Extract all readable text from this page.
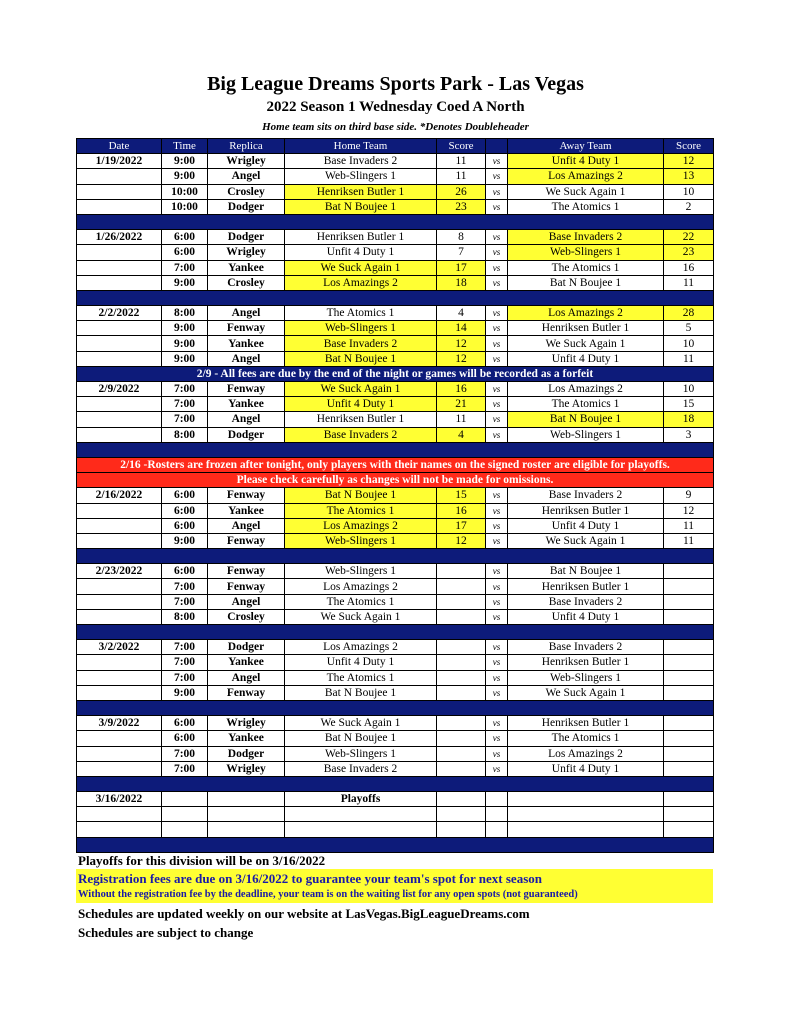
Big League Dreams Sports Park - Las Vegas
2022 Season 1 Wednesday Coed A North
Home team sits on third base side. *Denotes Doubleheader
Date	Time	Replica	Home Team	Score		Away Team	Score
1/19/2022	9:00	Wrigley	Base Invaders 2	11	vs	Unfit 4 Duty 1	12
	9:00	Angel	Web-Slingers 1	11	vs	Los Amazings 2	13
	10:00	Crosley	Henriksen Butler 1	26	vs	We Suck Again 1	10
	10:00	Dodger	Bat N Boujee 1	23	vs	The Atomics 1	2

1/26/2022	6:00	Dodger	Henriksen Butler 1	8	vs	Base Invaders 2	22
	6:00	Wrigley	Unfit 4 Duty 1	7	vs	Web-Slingers 1	23
	7:00	Yankee	We Suck Again 1	17	vs	The Atomics 1	16
	9:00	Crosley	Los Amazings 2	18	vs	Bat N Boujee 1	11

2/2/2022	8:00	Angel	The Atomics 1	4	vs	Los Amazings 2	28
	9:00	Fenway	Web-Slingers 1	14	vs	Henriksen Butler 1	5
	9:00	Yankee	Base Invaders 2	12	vs	We Suck Again 1	10
	9:00	Angel	Bat N Boujee 1	12	vs	Unfit 4 Duty 1	11
2/9 - All fees are due by the end of the night or games will be recorded as a forfeit							
2/9/2022	7:00	Fenway	We Suck Again 1	16	vs	Los Amazings 2	10
	7:00	Yankee	Unfit 4 Duty 1	21	vs	The Atomics 1	15
	7:00	Angel	Henriksen Butler 1	11	vs	Bat N Boujee 1	18
	8:00	Dodger	Base Invaders 2	4	vs	Web-Slingers 1	3

2/16 -Rosters are frozen after tonight, only players with their names on the signed roster are eligible for playoffs.							
Please check carefully as changes will not be made for omissions.							
2/16/2022	6:00	Fenway	Bat N Boujee 1	15	vs	Base Invaders 2	9
	6:00	Yankee	The Atomics 1	16	vs	Henriksen Butler 1	12
	6:00	Angel	Los Amazings 2	17	vs	Unfit 4 Duty 1	11
	9:00	Fenway	Web-Slingers 1	12	vs	We Suck Again 1	11

2/23/2022	6:00	Fenway	Web-Slingers 1		vs	Bat N Boujee 1	
	7:00	Fenway	Los Amazings 2		vs	Henriksen Butler 1	
	7:00	Angel	The Atomics 1		vs	Base Invaders 2	
	8:00	Crosley	We Suck Again 1		vs	Unfit 4 Duty 1	

3/2/2022	7:00	Dodger	Los Amazings 2		vs	Base Invaders 2	
	7:00	Yankee	Unfit 4 Duty 1		vs	Henriksen Butler 1	
	7:00	Angel	The Atomics 1		vs	Web-Slingers 1	
	9:00	Fenway	Bat N Boujee 1		vs	We Suck Again 1	

3/9/2022	6:00	Wrigley	We Suck Again 1		vs	Henriksen Butler 1	
	6:00	Yankee	Bat N Boujee 1		vs	The Atomics 1	
	7:00	Dodger	Web-Slingers 1		vs	Los Amazings 2	
	7:00	Wrigley	Base Invaders 2		vs	Unfit 4 Duty 1	

3/16/2022			Playoffs				

Playoffs for this division will be on 3/16/2022
Registration fees are due on 3/16/2022 to guarantee your team's spot for next season
Without the registration fee by the deadline, your team is on the waiting list for any open spots (not guaranteed)
Schedules are updated weekly on our website at LasVegas.BigLeagueDreams.com
Schedules are subject to change
